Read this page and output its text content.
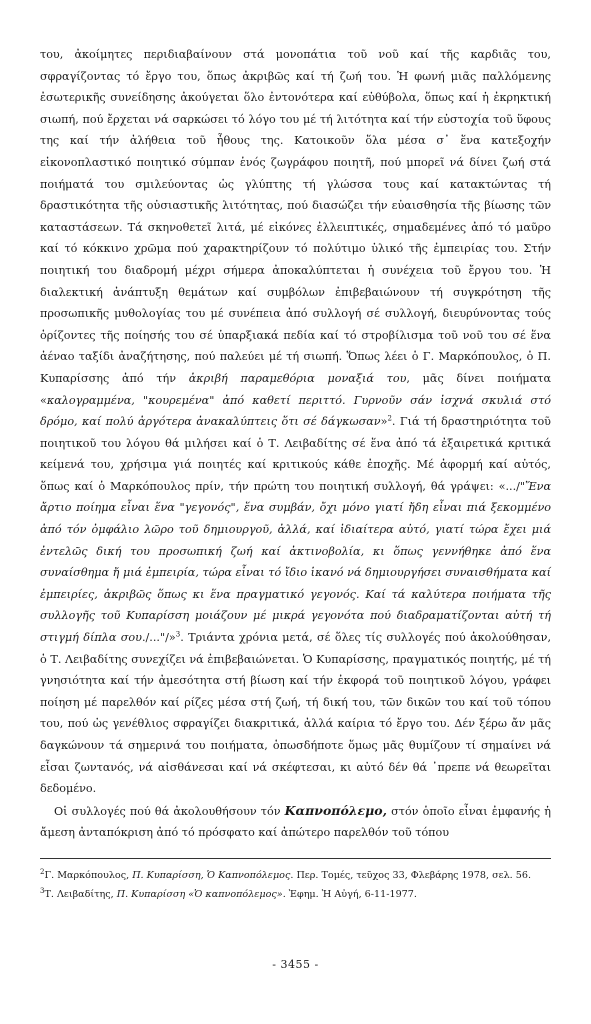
του, ἀκοίμητες περιδιαβαίνουν στά μονοπάτια τοῦ νοῦ καί τῆς καρδιᾶς του, σφραγίζοντας τό ἔργο του, ὅπως ἀκριβῶς καί τή ζωή του. Ἡ φωνή μιᾶς παλλόμενης ἐσωτερικῆς συνείδησης ἀκούγεται ὅλο ἐντονότερα καί εὐθύβολα, ὅπως καί ἡ ἐκρηκτική σιωπή, πού ἔρχεται νά σαρκώσει τό λόγο του μέ τή λιτότητα καί τήν εὐστοχία τοῦ ὕφους της καί τήν ἀλήθεια τοῦ ἦθους της. Κατοικοῦν ὅλα μέσα σ᾽ ἕνα κατεξοχήν εἰκονοπλαστικό ποιητικό σύμπαν ἑνός ζωγράφου ποιητῆ, πού μπορεῖ νά δίνει ζωή στά ποιήματά του σμιλεύοντας ὡς γλύπτης τή γλώσσα τους καί κατακτώντας τή δραστικότητα τῆς οὐσιαστικῆς λιτότητας, πού διασώζει τήν εὐαισθησία τῆς βίωσης τῶν καταστάσεων. Τά σκηνοθετεῖ λιτά, μέ εἰκόνες ἐλλειπτικές, σημαδεμένες ἀπό τό μαῦρο καί τό κόκκινο χρῶμα πού χαρακτηρίζουν τό πολύτιμο ὑλικό τῆς ἐμπειρίας του. Στήν ποιητική του διαδρομή μέχρι σήμερα ἀποκαλύπτεται ἡ συνέχεια τοῦ ἔργου του. Ἡ διαλεκτική ἀνάπτυξη θεμάτων καί συμβόλων ἐπιβεβαιώνουν τή συγκρότηση τῆς προσωπικῆς μυθολογίας του μέ συνέπεια ἀπό συλλογή σέ συλλογή, διευρύνοντας τούς ὁρίζοντες τῆς ποίησής του σέ ὑπαρξιακά πεδία καί τό στροβίλισμα τοῦ νοῦ του σέ ἕνα ἀέναο ταξίδι ἀναζήτησης, πού παλεύει μέ τή σιωπή. Ὅπως λέει ὁ Γ. Μαρκόπουλος, ὁ Π. Κυπαρίσσης ἀπό τήν ἀκριβή παραμεθόρια μοναξιά του, μᾶς δίνει ποιήματα «καλογραμμένα, "κουρεμένα" ἀπό καθετί περιττό. Γυρνοῦν σάν ἰσχνά σκυλιά στό δρόμο, καί πολύ ἀργότερα ἀνακαλύπτεις ὅτι σέ δάγκωσαν»$^2$. Γιά τή δραστηριότητα τοῦ ποιητικοῦ του λόγου θά μιλήσει καί ὁ Τ. Λειβαδίτης σέ ἕνα ἀπό τά ἐξαιρετικά κριτικά κείμενά του, χρήσιμα γιά ποιητές καί κριτικούς κάθε ἐποχῆς. Μέ ἀφορμή καί αὐτός, ὅπως καί ὁ Μαρκόπουλος πρίν, τήν πρώτη του ποιητική συλλογή, θά γράψει: «.../"Ἕνα ἄρτιο ποίημα εἶναι ἕνα "γεγονός", ἕνα συμβάν, ὄχι μόνο γιατί ἤδη εἶναι πιά ξεκομμένο ἀπό τόν ὀμφάλιο λῶρο τοῦ δημιουργοῦ, ἀλλά, καί ἰδιαίτερα αὐτό, γιατί τώρα ἔχει μιά ἐντελῶς δική του προσωπική ζωή καί ἀκτινοβολία, κι ὅπως γεννήθηκε ἀπό ἕνα συναίσθημα ἤ μιά ἐμπειρία, τώρα εἶναι τό ἴδιο ἱκανό νά δημιουργήσει συναισθήματα καί ἐμπειρίες, ἀκριβῶς ὅπως κι ἕνα πραγματικό γεγονός. Καί τά καλύτερα ποιήματα τῆς συλλογῆς τοῦ Κυπαρίσση μοιάζουν μέ μικρά γεγονότα πού διαδραματίζονται αὐτή τή στιγμή δίπλα σου./..."/»$^3$. Τριάντα χρόνια μετά, σέ ὅλες τίς συλλογές πού ἀκολούθησαν, ὁ Τ. Λειβαδίτης συνεχίζει νά ἐπιβεβαιώνεται. Ὁ Κυπαρίσσης, πραγματικός ποιητής, μέ τή γνησιότητα καί τήν ἀμεσότητα στή βίωση καί τήν ἐκφορά τοῦ ποιητικοῦ λόγου, γράφει ποίηση μέ παρελθόν καί ρίζες μέσα στή ζωή, τή δική του, τῶν δικῶν του καί τοῦ τόπου του, πού ὡς γενέθλιος σφραγίζει διακριτικά, ἀλλά καίρια τό ἔργο του. Δέν ξέρω ἄν μᾶς δαγκώνουν τά σημερινά του ποιήματα, ὁπωσδήποτε ὅμως μᾶς θυμίζουν τί σημαίνει νά εἶσαι ζωντανός, νά αἰσθάνεσαι καί νά σκέφτεσαι, κι αὐτό δέν θά ᾽πρεπε νά θεωρεῖται δεδομένο.

Οἱ συλλογές πού θά ἀκολουθήσουν τόν Καπνοπόλεμο, στόν ὁποῖο εἶναι ἐμφανής ἡ ἄμεση ἀνταπόκριση ἀπό τό πρόσφατο καί ἀπώτερο παρελθόν τοῦ τόπου

$^2$Γ. Μαρκόπουλος, Π. Κυπαρίσση, Ὁ Καπνοπόλεμος. Περ. Τομές, τεῦχος 33, Φλεβάρης 1978, σελ. 56.

$^3$Τ. Λειβαδίτης, Π. Κυπαρίσση «Ὁ καπνοπόλεμος». Ἐφημ. Ἡ Αὐγή, 6-11-1977.

- 3455 -
